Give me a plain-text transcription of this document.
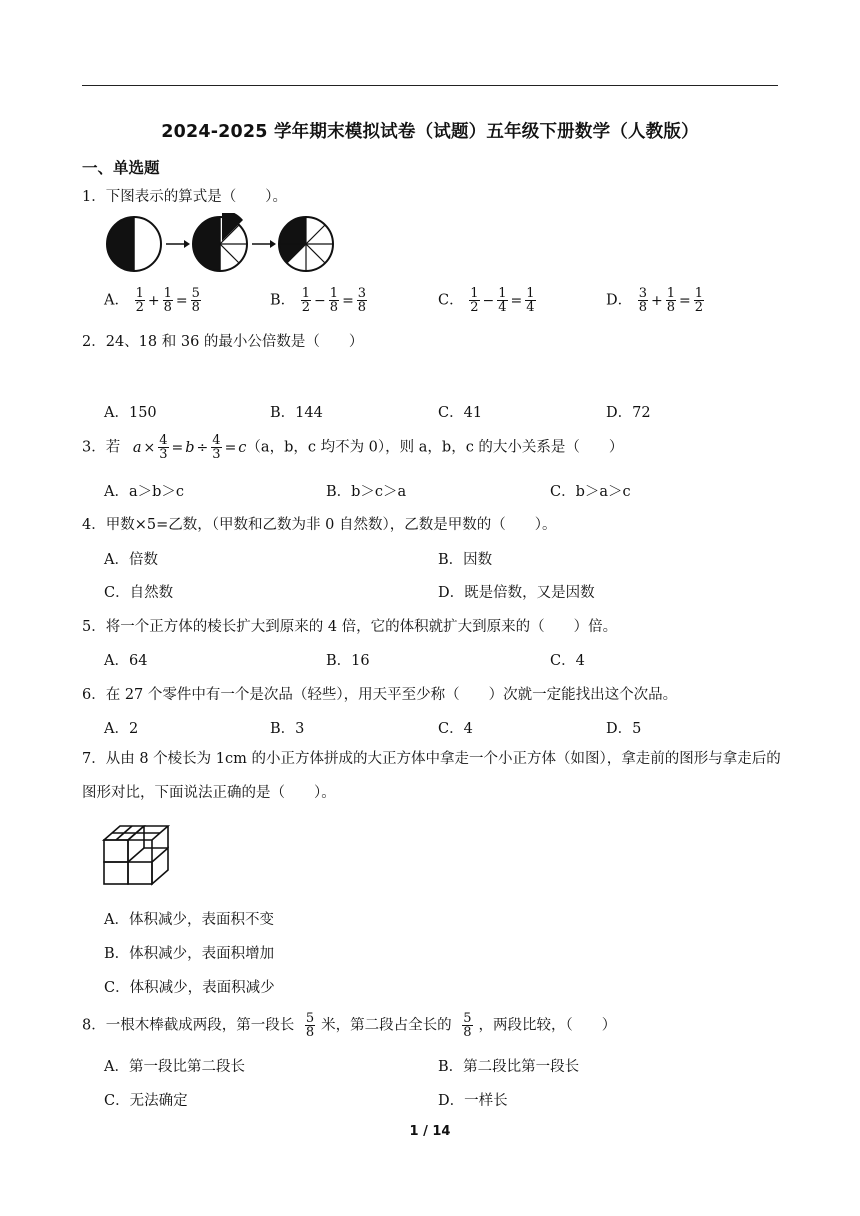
2024-2025 学年期末模拟试卷（试题）五年级下册数学（人教版）
一、单选题
1．下图表示的算式是（　　）。
A． $\frac{1}{2} + \frac{1}{8} = \frac{5}{8}$	B． $\frac{1}{2} - \frac{1}{8} = \frac{3}{8}$	C． $\frac{1}{2} - \frac{1}{4} = \frac{1}{4}$	D． $\frac{3}{8} + \frac{1}{8} = \frac{1}{2}$
2．24、18 和 36 的最小公倍数是（　　）
A．150	B．144	C．41	D．72
3．若 $a \times \frac{4}{3} = b \div \frac{4}{3} = c(a$，b，c 均不为 0），则 a，b，c 的大小关系是（　　）
A．a＞b＞c	B．b＞c＞a	C．b＞a＞c
4．甲数×5=乙数，（甲数和乙数为非 0 自然数），乙数是甲数的（　　）。
A．倍数	B．因数
C．自然数	D．既是倍数，又是因数
5．将一个正方体的棱长扩大到原来的 4 倍，它的体积就扩大到原来的（　　）倍。
A．64	B．16	C．4
6．在 27 个零件中有一个是次品（轻些），用天平至少称（　　）次就一定能找出这个次品。
A．2	B．3	C．4	D．5
7．从由 8 个棱长为 1cm 的小正方体拼成的大正方体中拿走一个小正方体（如图），拿走前的图形与拿走后的图形对比，下面说法正确的是（　　）。
A．体积减少，表面积不变
B．体积减少，表面积增加
C．体积减少，表面积减少
8．一根木棒截成两段，第一段长 $\frac{5}{8}$ 米，第二段占全长的 $\frac{5}{8}$ ，两段比较，（　　）
A．第一段比第二段长	B．第二段比第一段长
C．无法确定	D．一样长
1 / 14
